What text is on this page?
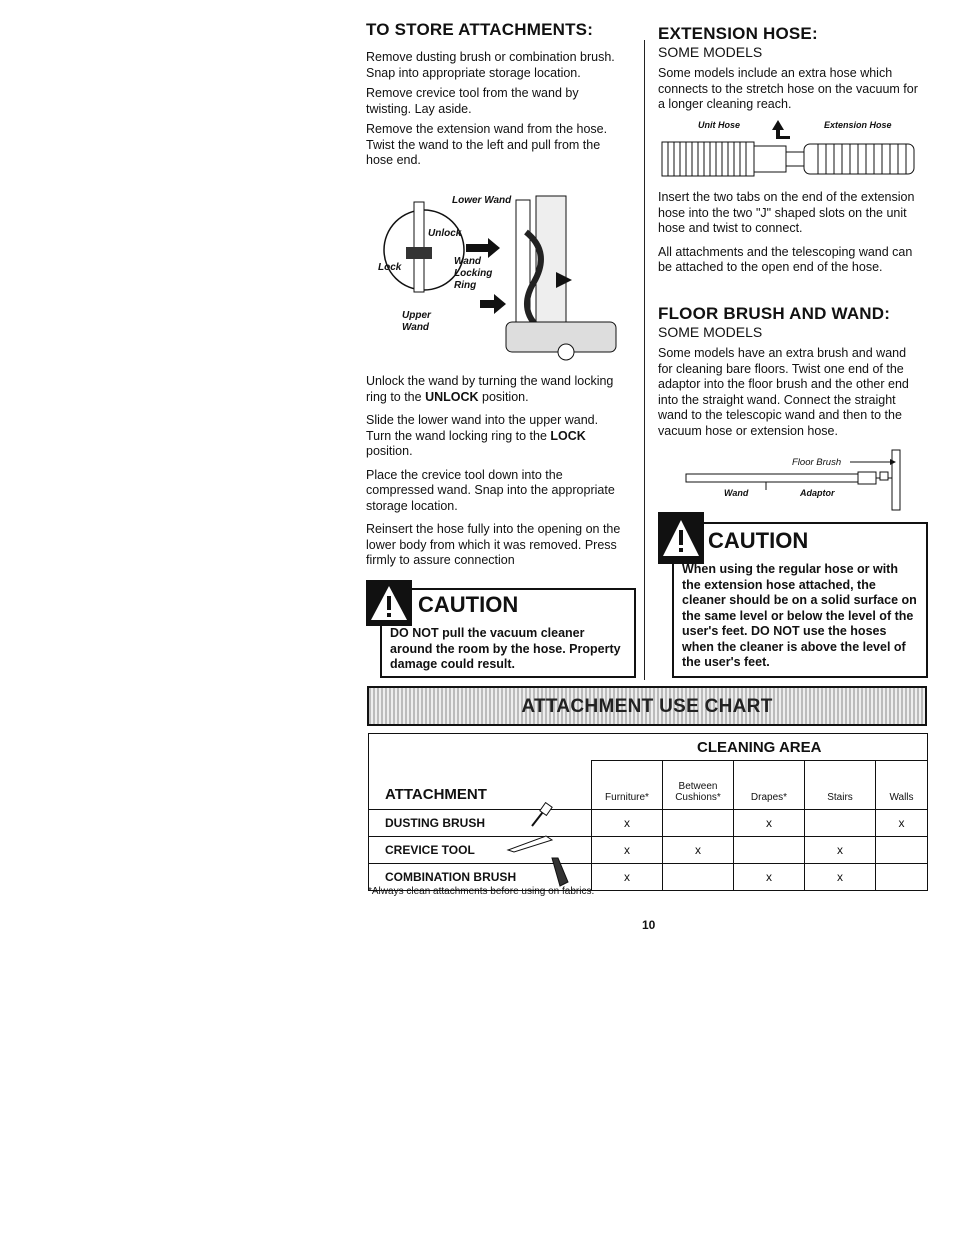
TO STORE ATTACHMENTS:

Remove dusting brush or combination brush. Snap into appropriate storage location.

Remove crevice tool from the wand by twisting. Lay aside.

Remove the extension wand from the hose. Twist the wand to the left and pull from the hose end.

Lower Wand
Unlock
Lock
Wand Locking Ring
Upper Wand

Unlock the wand by turning the wand locking ring to the UNLOCK position.

Slide the lower wand into the upper wand. Turn the wand locking ring to the LOCK position.

Place the crevice tool down into the compressed wand. Snap into the appropriate storage location.

Reinsert the hose fully into the opening on the lower body from which it was removed. Press firmly to assure connection

CAUTION
DO NOT pull the vacuum cleaner around the room by the hose. Property damage could result.
EXTENSION HOSE:

SOME MODELS

Some models include an extra hose which connects to the stretch hose on the vacuum for a longer cleaning reach.

Unit Hose	Extension Hose

Insert the two tabs on the end of the extension hose into the two "J" shaped slots on the unit hose and twist to connect.

All attachments and the telescoping wand can be attached to the open end of the hose.

FLOOR BRUSH AND WAND:

SOME MODELS

Some models have an extra brush and wand for cleaning bare floors. Twist one end of the adaptor into the floor brush and the other end into the straight wand. Connect the straight wand to the telescopic wand and then to the vacuum hose or extension hose.

Floor Brush
Wand	Adaptor
CAUTION
When using the regular hose or with the extension hose attached, the cleaner should be on a solid surface on the same level or below the level of the user's feet. DO NOT use the hoses when the cleaner is above the level of the user's feet.
ATTACHMENT USE CHART
ATTACHMENT	CLEANING AREA				
	Furniture*	Between Cushions*	Drapes*	Stairs	Walls
DUSTING BRUSH	x		x		x
CREVICE TOOL	x	x		x	
COMBINATION BRUSH	x		x	x	
*Always clean attachments before using on fabrics.
10
